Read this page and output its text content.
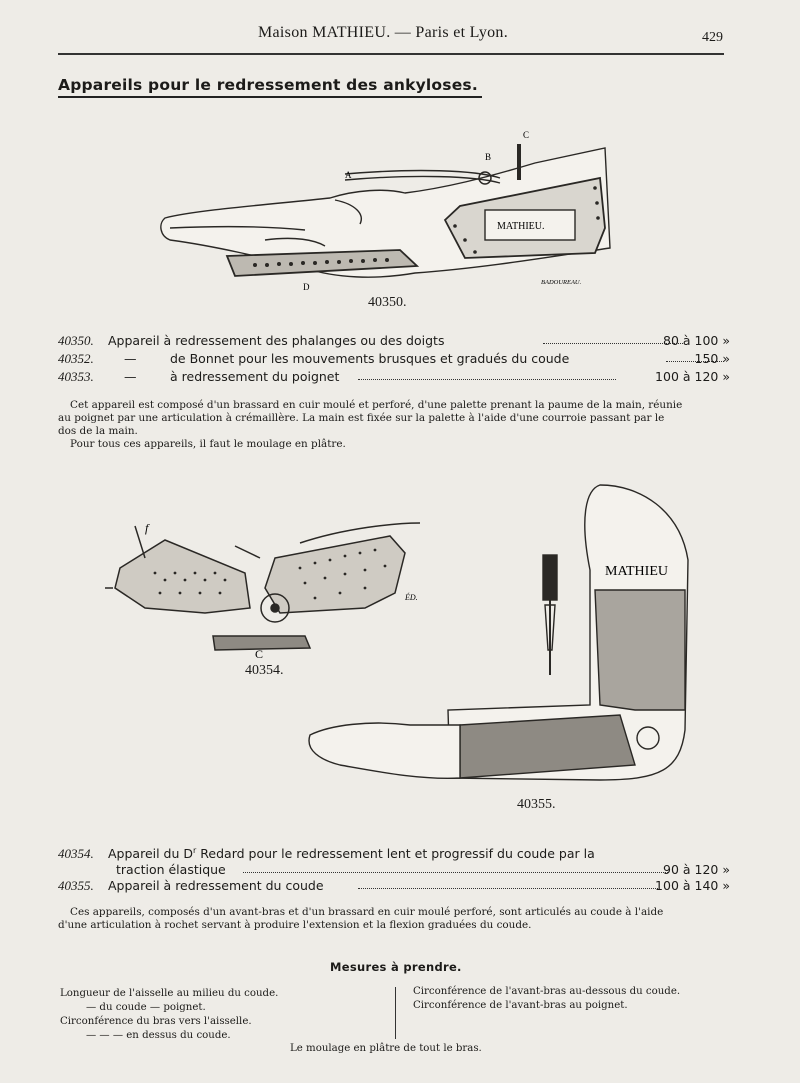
Maison MATHIEU. — Paris et Lyon.	429
Appareils pour le redressement des ankyloses.
MATHIEU.
A
B
C
D	BADOUREAU.
40350.
40350. Appareil à redressement des phalanges ou des doigts	80 à 100 »
40352. —	de Bonnet pour les mouvements brusques et gradués du coude	150 »
40353. —	à redressement du poignet	100 à 120 »
Cet appareil est composé d'un brassard en cuir moulé et perforé, d'une palette prenant la paume de la main, réunie
au poignet par une articulation à crémaillère. La main est fixée sur la palette à l'aide d'une courroie passant par le
dos de la main.
Pour tous ces appareils, il faut le moulage en plâtre.
f
C
ÉD.
40354.
MATHIEU
40355.
40354. Appareil du $D^r$ Redard pour le redressement lent et progressif du coude par la
traction élastique	90 à 120 »
40355. Appareil à redressement du coude	100 à 140 »
Ces appareils, composés d'un avant-bras et d'un brassard en cuir moulé perforé, sont articulés au coude à l'aide
d'une articulation à rochet servant à produire l'extension et la flexion graduées du coude.
Mesures à prendre.
Longueur de l'aisselle au milieu du coude.
— du coude — poignet.
Circonférence du bras vers l'aisselle.
— — — en dessus du coude.
Circonférence de l'avant-bras au-dessous du coude.
Circonférence de l'avant-bras au poignet.
Le moulage en plâtre de tout le bras.
